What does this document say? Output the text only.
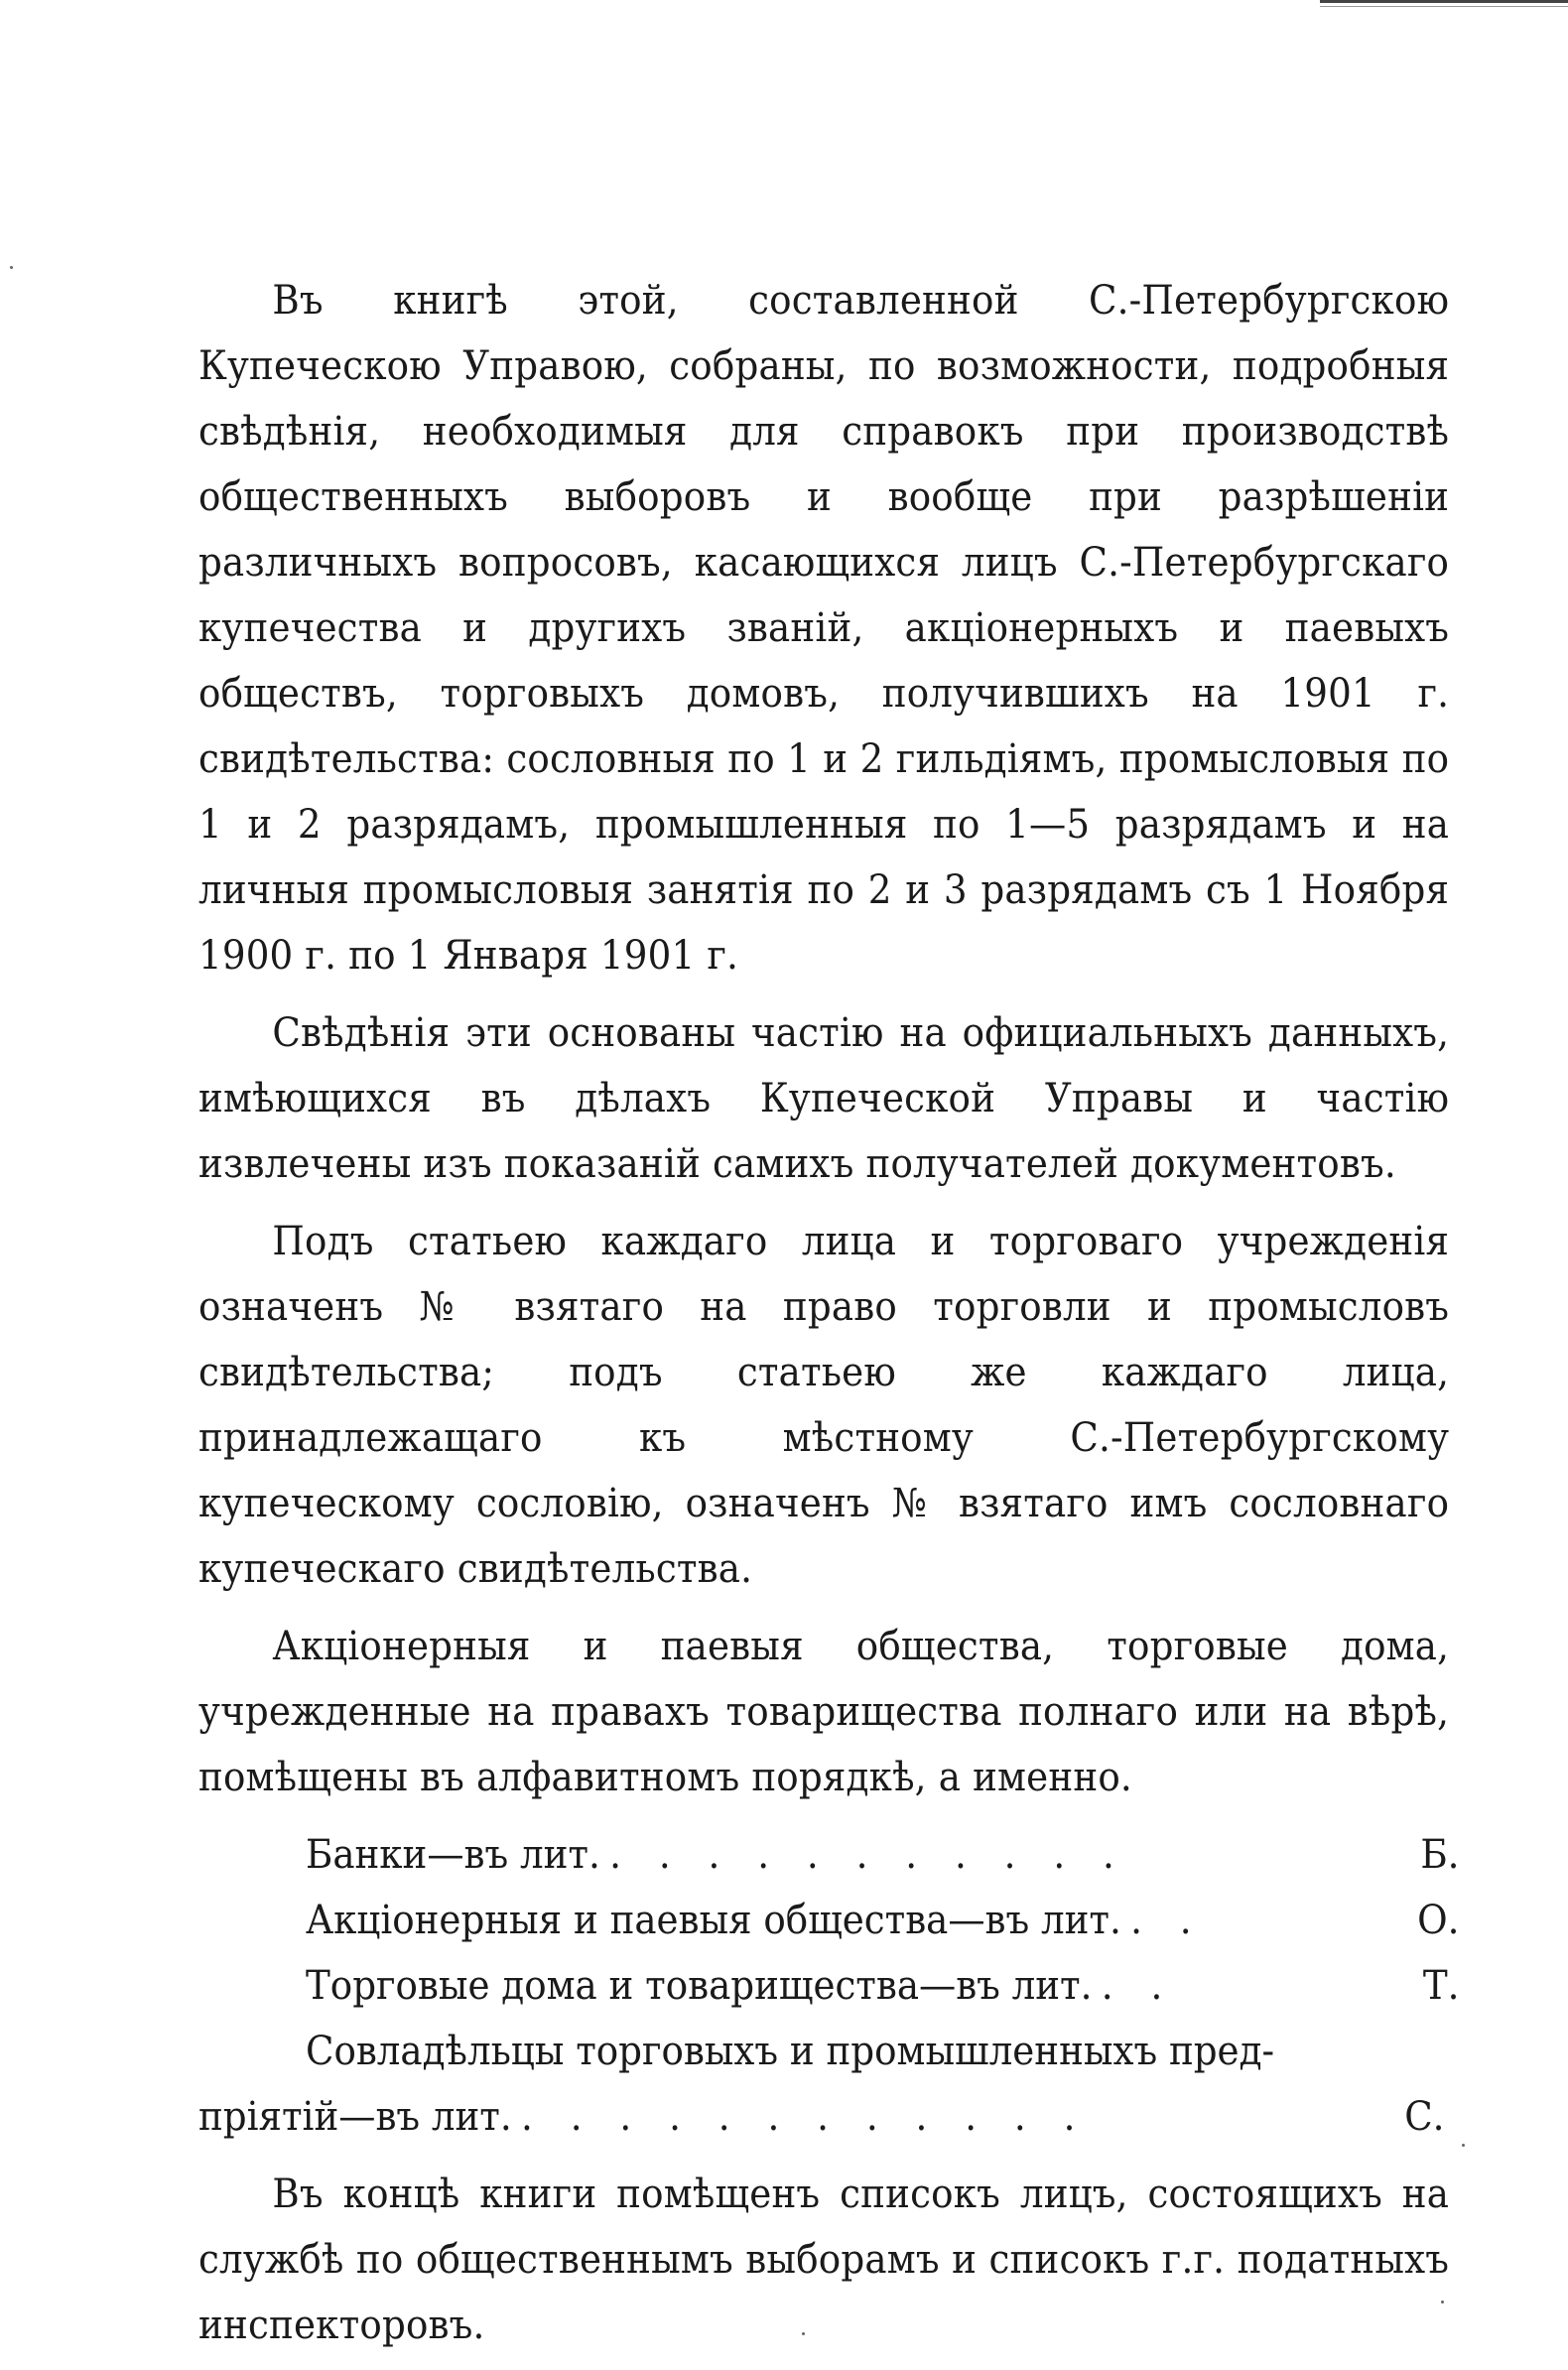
Въ книгѣ этой, составленной С.-Петербургскою Купеческою Управою, собраны, по возможности, подробныя свѣдѣнія, необходимыя для справокъ при производствѣ общественныхъ выборовъ и вообще при разрѣшеніи различныхъ вопросовъ, касающихся лицъ С.-Петербургскаго купечества и другихъ званій, акціонерныхъ и паевыхъ обществъ, торговыхъ домовъ, получившихъ на 1901 г. свидѣтельства: сословныя по 1 и 2 гильдіямъ, промысловыя по 1 и 2 разрядамъ, промышленныя по 1—5 разрядамъ и на личныя промысловыя занятія по 2 и 3 разрядамъ съ 1 Ноября 1900 г. по 1 Января 1901 г.

Свѣдѣнія эти основаны частію на официальныхъ данныхъ, имѣющихся въ дѣлахъ Купеческой Управы и частію извлечены изъ показаній самихъ получателей документовъ.

Подъ статьею каждаго лица и торговаго учрежденія означенъ № взятаго на право торговли и промысловъ свидѣтельства; подъ статьею же каждаго лица, принадлежащаго къ мѣстному С.-Петербургскому купеческому сословію, означенъ № взятаго имъ сословнаго купеческаго свидѣтельства.

Акціонерныя и паевыя общества, торговые дома, учрежденные на правахъ товарищества полнаго или на вѣрѣ, помѣщены въ алфавитномъ порядкѣ, а именно.

Банки—въ лит. . . . . . . . . . . .	Б.
Акціонерныя и паевыя общества—въ лит. . .	О.
Торговые дома и товарищества—въ лит. . .	Т.
Совладѣльцы торговыхъ и промышленныхъ пред-
пріятій—въ лит. . . . . . . . . . . . .	С.

Въ концѣ книги помѣщенъ списокъ лицъ, состоящихъ на службѣ по общественнымъ выборамъ и списокъ г.г. податныхъ инспекторовъ.
